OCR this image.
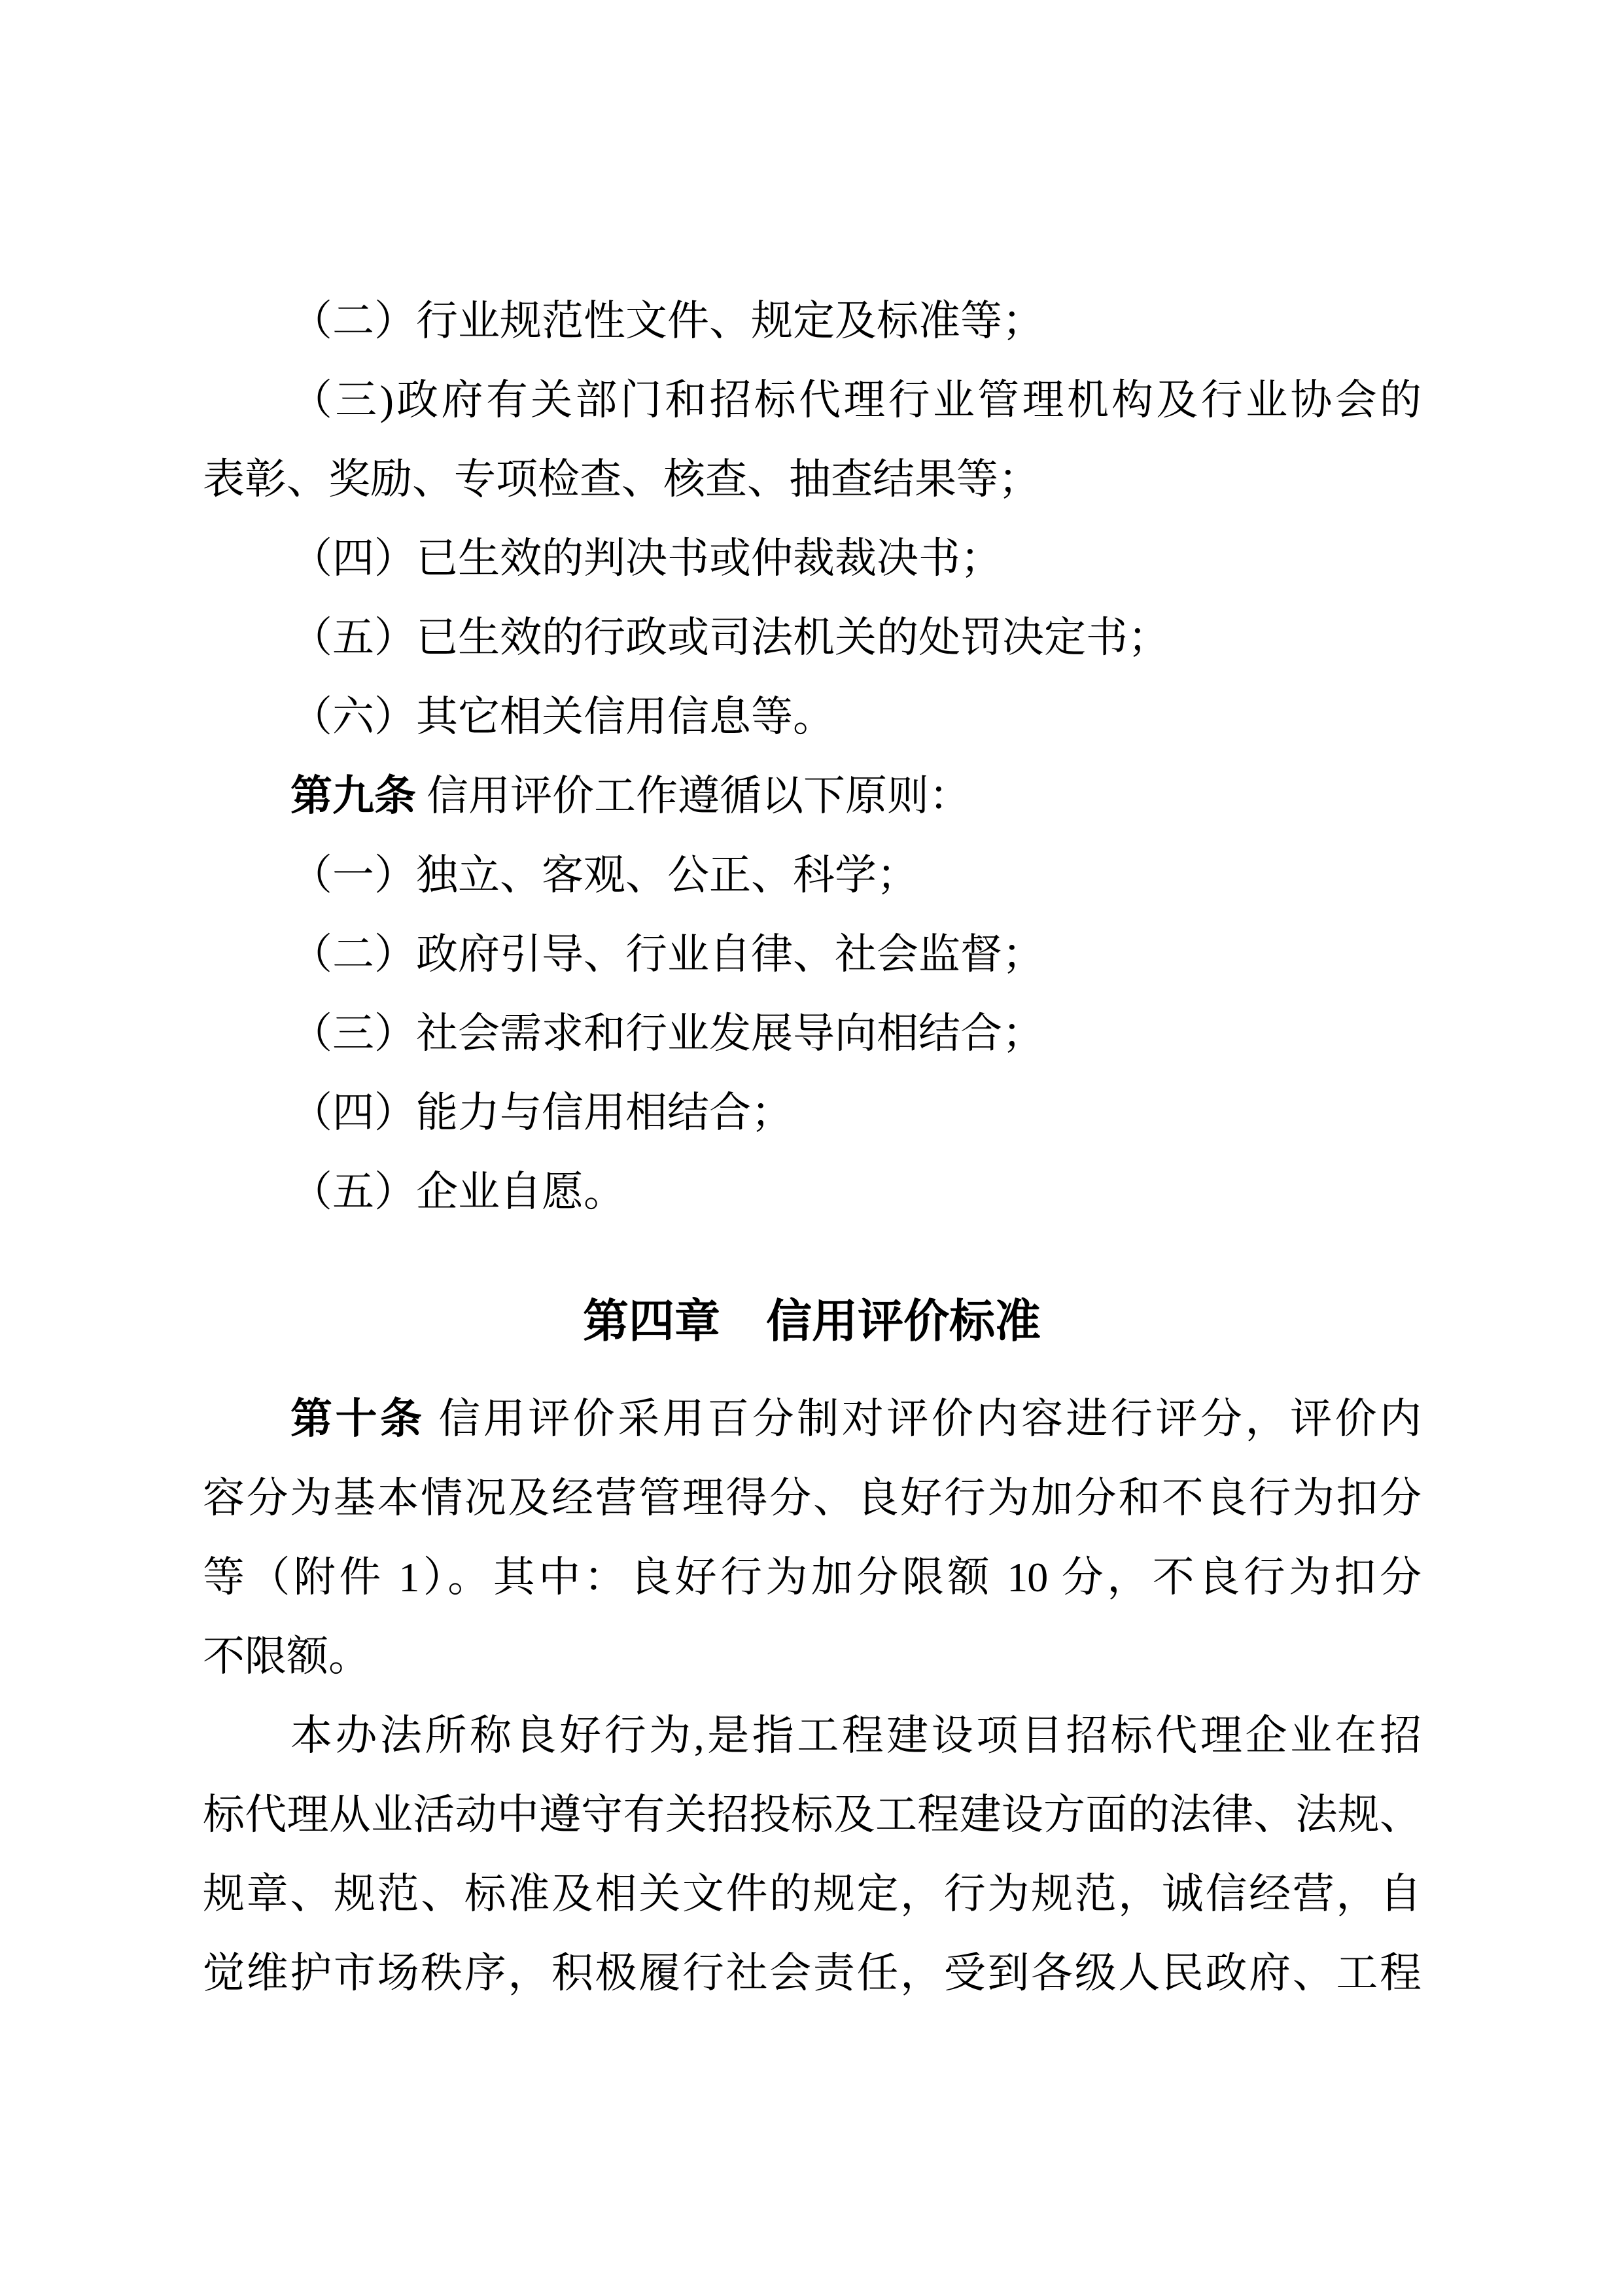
（二）行业规范性文件、规定及标准等；
（三)政府有关部门和招标代理行业管理机构及行业协会的
表彰、奖励、专项检查、核查、抽查结果等；
（四）已生效的判决书或仲裁裁决书；
（五）已生效的行政或司法机关的处罚决定书；
（六）其它相关信用信息等。
第九条 信用评价工作遵循以下原则：
（一）独立、客观、公正、科学；
（二）政府引导、行业自律、社会监督；
（三）社会需求和行业发展导向相结合；
（四）能力与信用相结合；
（五）企业自愿。
第四章 信用评价标准
第十条 信用评价采用百分制对评价内容进行评分，评价内
容分为基本情况及经营管理得分、良好行为加分和不良行为扣分
等（附件 1）。其中：良好行为加分限额 10 分，不良行为扣分
不限额。
本办法所称良好行为,是指工程建设项目招标代理企业在招
标代理从业活动中遵守有关招投标及工程建设方面的法律、法规、
规章、规范、标准及相关文件的规定，行为规范，诚信经营，自
觉维护市场秩序，积极履行社会责任，受到各级人民政府、工程
